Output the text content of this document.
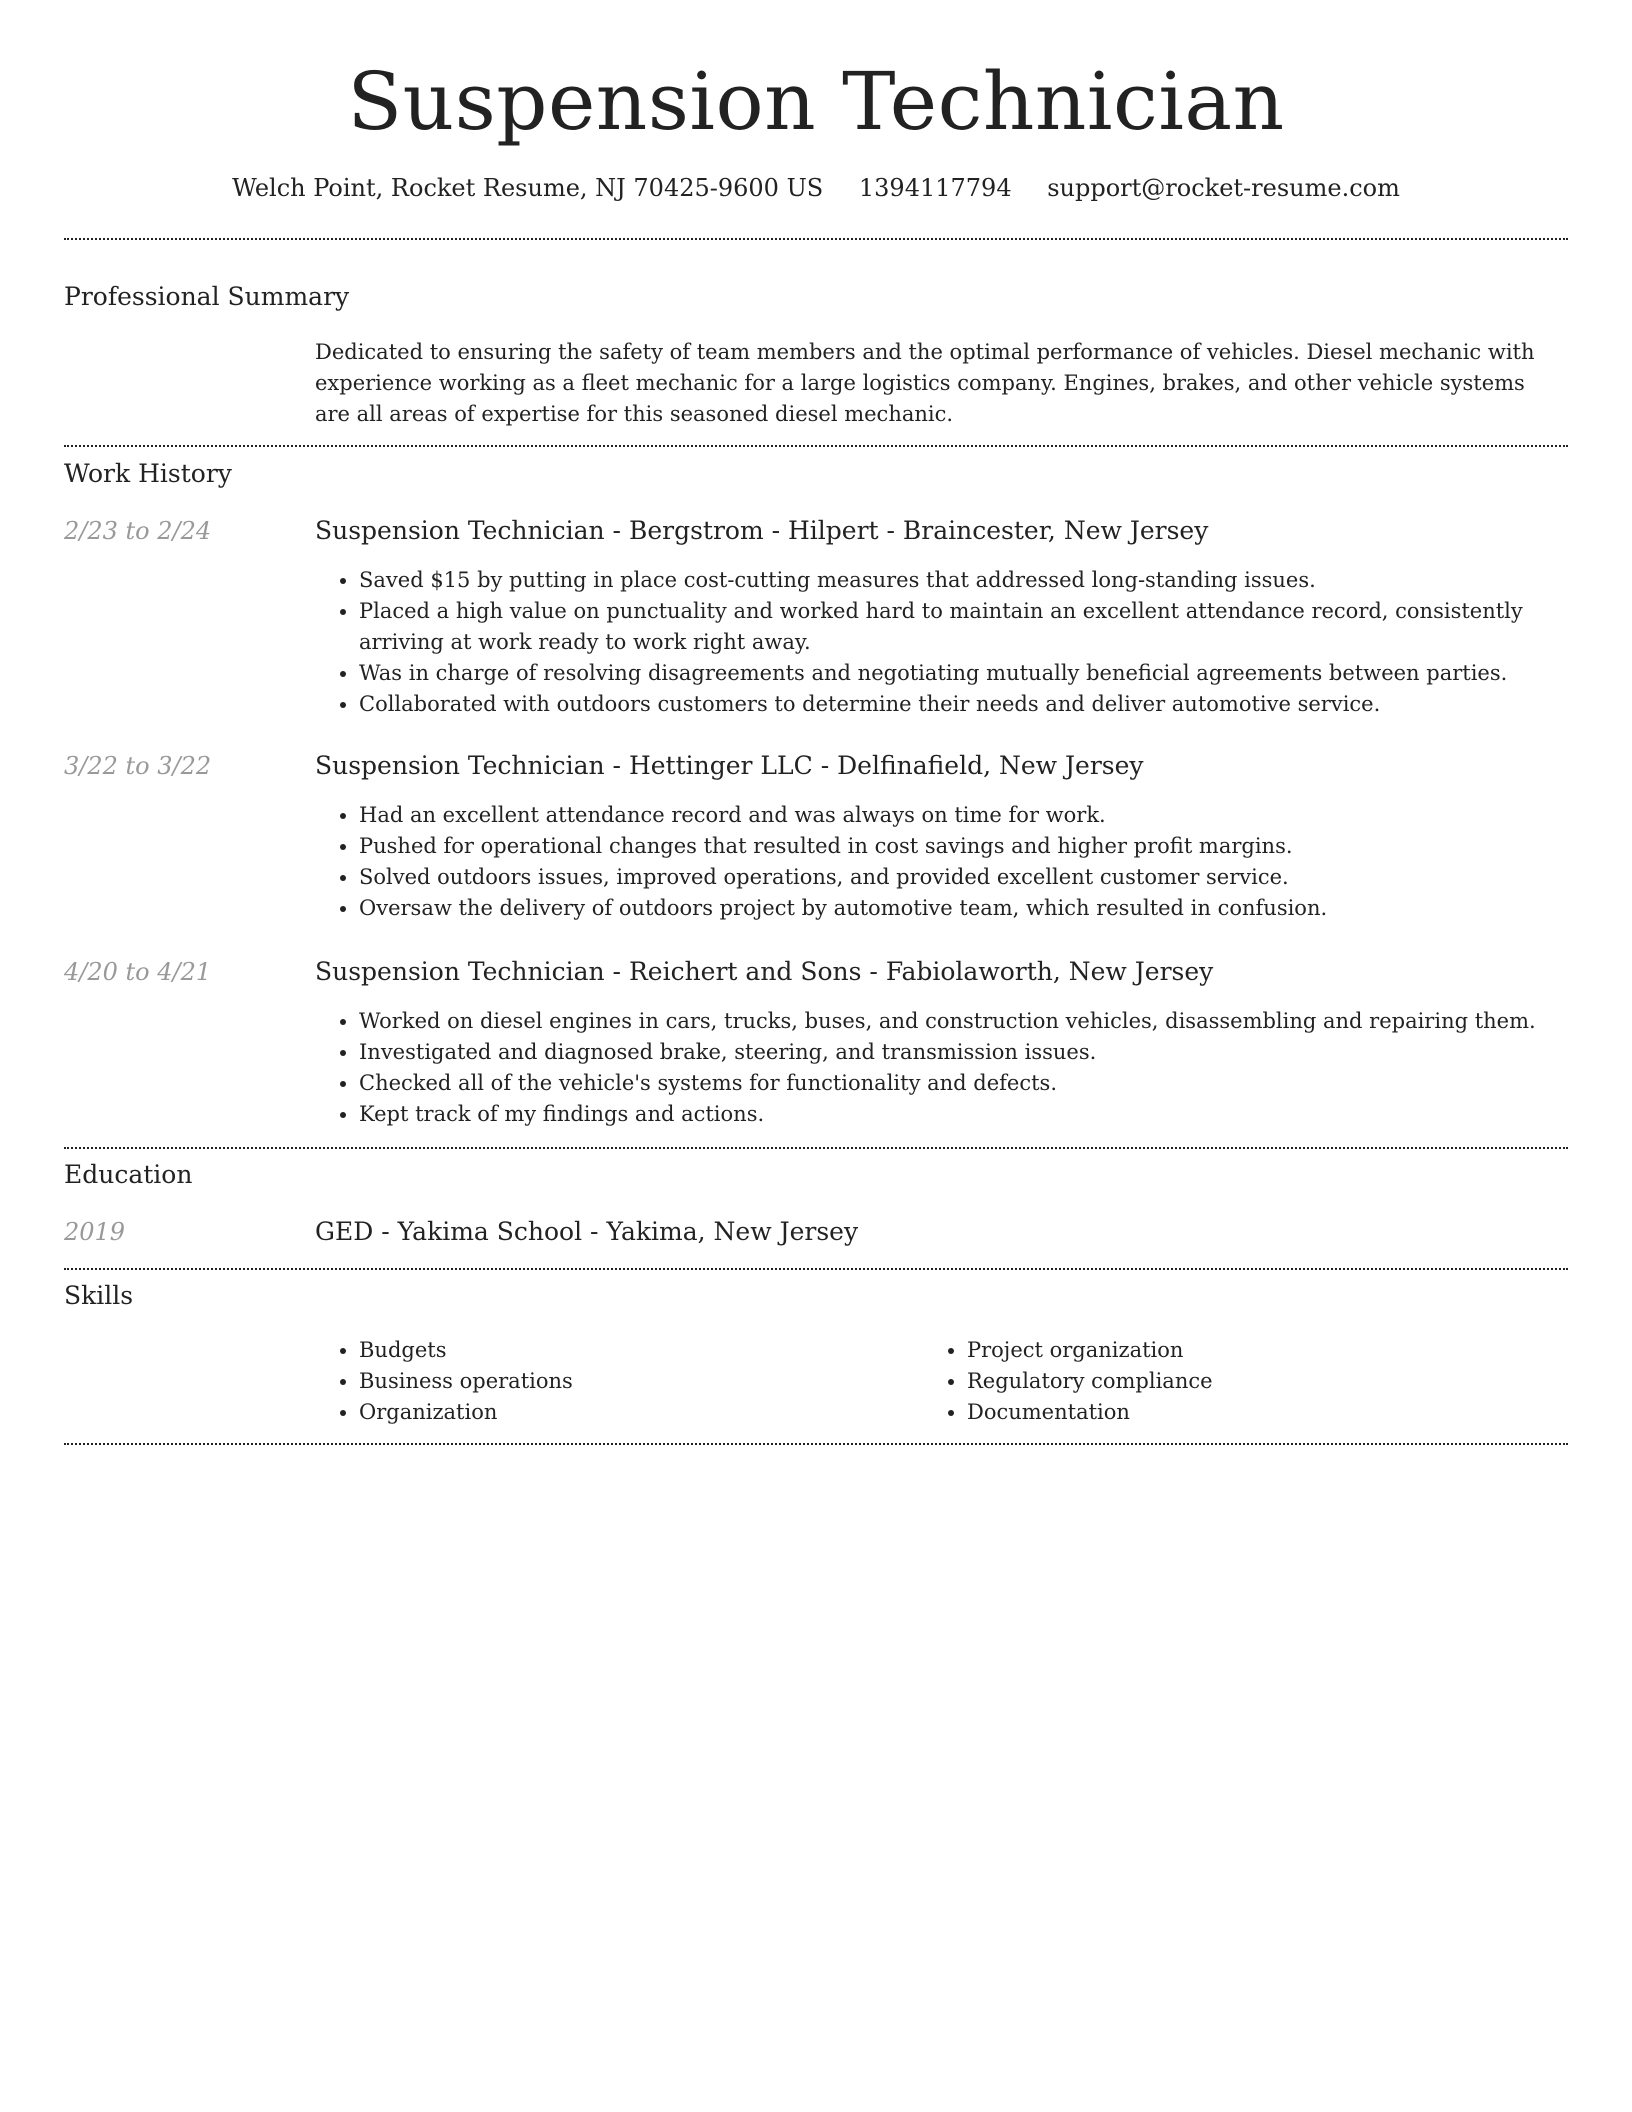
Suspension Technician
Welch Point, Rocket Resume, NJ 70425-9600 US 1394117794 support@rocket-resume.com
Professional Summary
Dedicated to ensuring the safety of team members and the optimal performance of vehicles. Diesel mechanic with experience working as a fleet mechanic for a large logistics company. Engines, brakes, and other vehicle systems are all areas of expertise for this seasoned diesel mechanic.
Work History
2/23 to 2/24	Suspension Technician - Bergstrom - Hilpert - Braincester, New Jersey
• Saved $15 by putting in place cost-cutting measures that addressed long-standing issues.
• Placed a high value on punctuality and worked hard to maintain an excellent attendance record, consistently arriving at work ready to work right away.
• Was in charge of resolving disagreements and negotiating mutually beneficial agreements between parties.
• Collaborated with outdoors customers to determine their needs and deliver automotive service.
3/22 to 3/22	Suspension Technician - Hettinger LLC - Delfinafield, New Jersey
• Had an excellent attendance record and was always on time for work.
• Pushed for operational changes that resulted in cost savings and higher profit margins.
• Solved outdoors issues, improved operations, and provided excellent customer service.
• Oversaw the delivery of outdoors project by automotive team, which resulted in confusion.
4/20 to 4/21	Suspension Technician - Reichert and Sons - Fabiolaworth, New Jersey
• Worked on diesel engines in cars, trucks, buses, and construction vehicles, disassembling and repairing them.
• Investigated and diagnosed brake, steering, and transmission issues.
• Checked all of the vehicle's systems for functionality and defects.
• Kept track of my findings and actions.
Education
2019	GED - Yakima School - Yakima, New Jersey
Skills
• Budgets
• Business operations
• Organization
• Project organization
• Regulatory compliance
• Documentation
